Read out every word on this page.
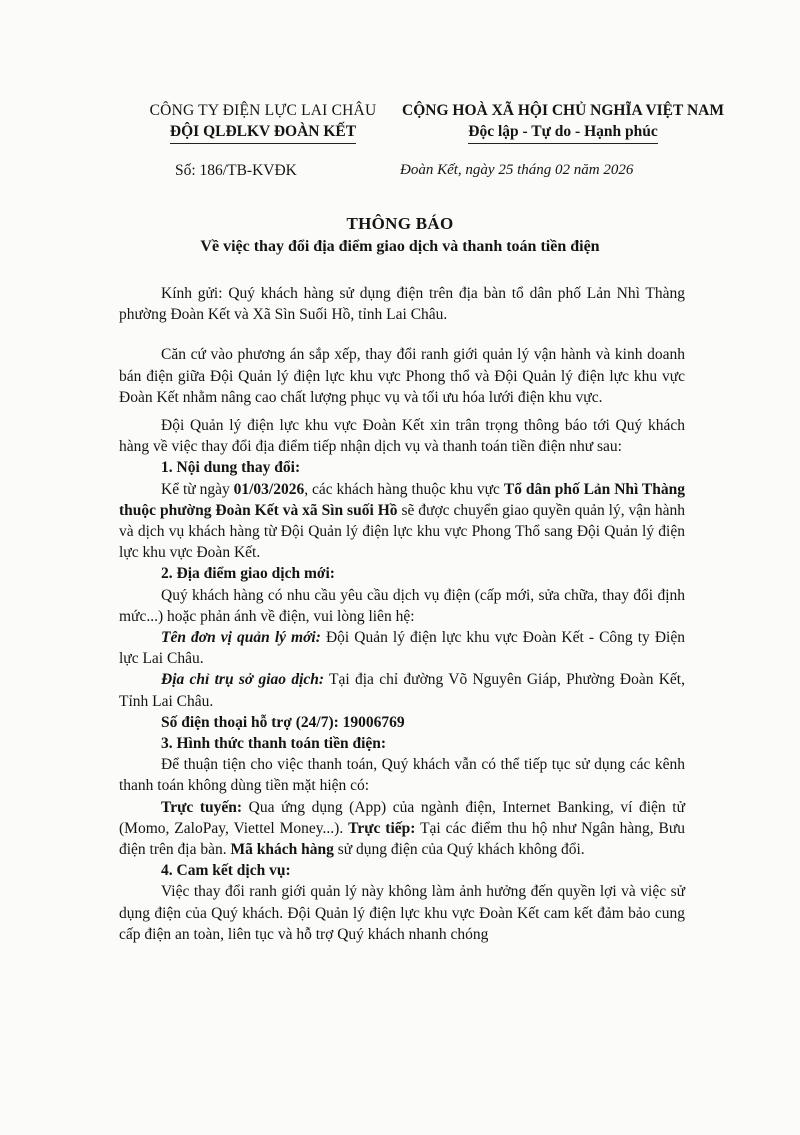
CÔNG TY ĐIỆN LỰC LAI CHÂU
ĐỘI QLĐLKV ĐOÀN KẾT
CỘNG HOÀ XÃ HỘI CHỦ NGHĨA VIỆT NAM
Độc lập - Tự do - Hạnh phúc
Số: 186/TB-KVĐK	Đoàn Kết, ngày 25 tháng 02 năm 2026
THÔNG BÁO
Về việc thay đổi địa điểm giao dịch và thanh toán tiền điện

Kính gửi: Quý khách hàng sử dụng điện trên địa bàn tổ dân phố Lản Nhì Thàng phường Đoàn Kết và Xã Sìn Suối Hồ, tỉnh Lai Châu.

Căn cứ vào phương án sắp xếp, thay đổi ranh giới quản lý vận hành và kinh doanh bán điện giữa Đội Quản lý điện lực khu vực Phong thổ và Đội Quản lý điện lực khu vực Đoàn Kết nhằm nâng cao chất lượng phục vụ và tối ưu hóa lưới điện khu vực.

Đội Quản lý điện lực khu vực Đoàn Kết xin trân trọng thông báo tới Quý khách hàng về việc thay đổi địa điểm tiếp nhận dịch vụ và thanh toán tiền điện như sau:

1. Nội dung thay đổi:

Kể từ ngày 01/03/2026, các khách hàng thuộc khu vực Tổ dân phố Lản Nhì Thàng thuộc phường Đoàn Kết và xã Sìn suối Hồ sẽ được chuyển giao quyền quản lý, vận hành và dịch vụ khách hàng từ Đội Quản lý điện lực khu vực Phong Thổ sang Đội Quản lý điện lực khu vực Đoàn Kết.

2. Địa điểm giao dịch mới:

Quý khách hàng có nhu cầu yêu cầu dịch vụ điện (cấp mới, sửa chữa, thay đổi định mức...) hoặc phản ánh về điện, vui lòng liên hệ:

Tên đơn vị quản lý mới: Đội Quản lý điện lực khu vực Đoàn Kết - Công ty Điện lực Lai Châu.

Địa chỉ trụ sở giao dịch: Tại địa chỉ đường Võ Nguyên Giáp, Phường Đoàn Kết, Tỉnh Lai Châu.

Số điện thoại hỗ trợ (24/7): 19006769

3. Hình thức thanh toán tiền điện:

Để thuận tiện cho việc thanh toán, Quý khách vẫn có thể tiếp tục sử dụng các kênh thanh toán không dùng tiền mặt hiện có:

Trực tuyến: Qua ứng dụng (App) của ngành điện, Internet Banking, ví điện tử (Momo, ZaloPay, Viettel Money...). Trực tiếp: Tại các điểm thu hộ như Ngân hàng, Bưu điện trên địa bàn. Mã khách hàng sử dụng điện của Quý khách không đổi.

4. Cam kết dịch vụ:

Việc thay đổi ranh giới quản lý này không làm ảnh hưởng đến quyền lợi và việc sử dụng điện của Quý khách. Đội Quản lý điện lực khu vực Đoàn Kết cam kết đảm bảo cung cấp điện an toàn, liên tục và hỗ trợ Quý khách nhanh chóng
